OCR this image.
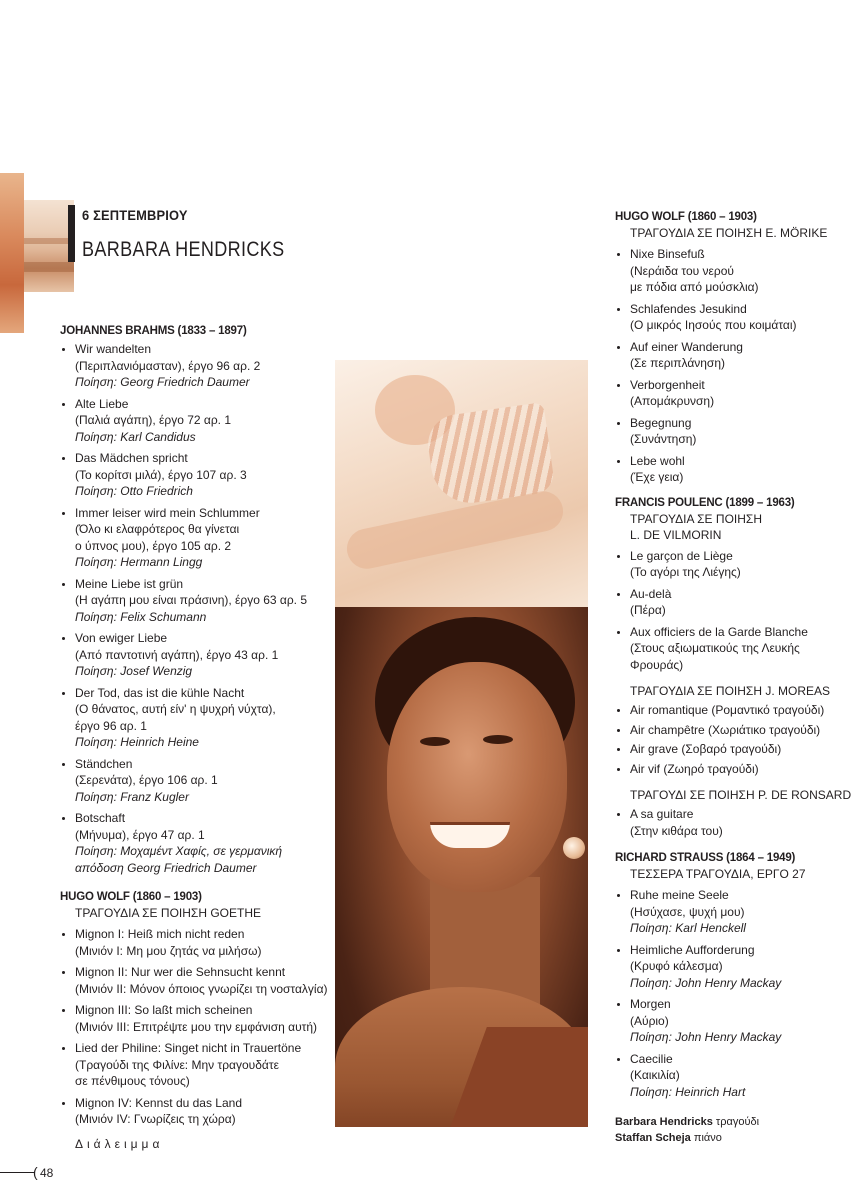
6 ΣΕΠΤΕΜΒΡΙΟΥ
BARBARA HENDRICKS
JOHANNES BRAHMS (1833 – 1897)
Wir wandelten
(Περιπλανιόμασταν), έργο 96 αρ. 2
Ποίηση: Georg Friedrich Daumer
Alte Liebe
(Παλιά αγάπη), έργο 72 αρ. 1
Ποίηση: Karl Candidus
Das Mädchen spricht
(Το κορίτσι μιλά), έργο 107 αρ. 3
Ποίηση: Otto Friedrich
Immer leiser wird mein Schlummer
(Όλο κι ελαφρότερος θα γίνεται
ο ύπνος μου), έργο 105 αρ. 2
Ποίηση: Hermann Lingg
Meine Liebe ist grün
(Η αγάπη μου είναι πράσινη), έργο 63 αρ. 5
Ποίηση: Felix Schumann
Von ewiger Liebe
(Από παντοτινή αγάπη), έργο 43 αρ. 1
Ποίηση: Josef Wenzig
Der Tod, das ist die kühle Nacht
(Ο θάνατος, αυτή είν' η ψυχρή νύχτα),
έργο 96 αρ. 1
Ποίηση: Heinrich Heine
Ständchen
(Σερενάτα), έργο 106 αρ. 1
Ποίηση: Franz Kugler
Botschaft
(Μήνυμα), έργο 47 αρ. 1
Ποίηση: Μοχαμέντ Χαφίς, σε γερμανική
απόδοση Georg Friedrich Daumer
HUGO WOLF (1860 – 1903)
ΤΡΑΓΟΥΔΙΑ ΣΕ ΠΟΙΗΣΗ GOETHE
Mignon I: Heiß mich nicht reden
(Μινιόν Ι: Μη μου ζητάς να μιλήσω)
Mignon II: Nur wer die Sehnsucht kennt
(Μινιόν ΙΙ: Μόνον όποιος γνωρίζει τη νοσταλγία)
Mignon III: So laßt mich scheinen
(Μινιόν ΙΙΙ: Επιτρέψτε μου την εμφάνιση αυτή)
Lied der Philine: Singet nicht in Trauertöne
(Τραγούδι της Φιλίνε: Μην τραγουδάτε
σε πένθιμους τόνους)
Mignon IV: Kennst du das Land
(Μινιόν IV: Γνωρίζεις τη χώρα)
Διάλειμμα
HUGO WOLF (1860 – 1903)
ΤΡΑΓΟΥΔΙΑ ΣΕ ΠΟΙΗΣΗ E. MÖRIKE
Nixe Binsefuß
(Νεράιδα του νερού
με πόδια από μούσκλια)
Schlafendes Jesukind
(Ο μικρός Ιησούς που κοιμάται)
Auf einer Wanderung
(Σε περιπλάνηση)
Verborgenheit
(Απομάκρυνση)
Begegnung
(Συνάντηση)
Lebe wohl
(Έχε γεια)
FRANCIS POULENC (1899 – 1963)
ΤΡΑΓΟΥΔΙΑ ΣΕ ΠΟΙΗΣΗ
L. DE VILMORIN
Le garçon de Liège
(Το αγόρι της Λιέγης)
Au-delà
(Πέρα)
Aux officiers de la Garde Blanche
(Στους αξιωματικούς της Λευκής
Φρουράς)
ΤΡΑΓΟΥΔΙΑ ΣΕ ΠΟΙΗΣΗ J. MOREAS
Air romantique (Ρομαντικό τραγούδι)
Air champêtre (Χωριάτικο τραγούδι)
Air grave (Σοβαρό τραγούδι)
Air vif (Ζωηρό τραγούδι)
ΤΡΑΓΟΥΔΙ ΣΕ ΠΟΙΗΣΗ P. DE RONSARD
A sa guitare
(Στην κιθάρα του)
RICHARD STRAUSS (1864 – 1949)
ΤΕΣΣΕΡΑ ΤΡΑΓΟΥΔΙΑ, ΕΡΓΟ 27
Ruhe meine Seele
(Ησύχασε, ψυχή μου)
Ποίηση: Karl Henckell
Heimliche Aufforderung
(Κρυφό κάλεσμα)
Ποίηση: John Henry Mackay
Morgen
(Αύριο)
Ποίηση: John Henry Mackay
Caecilie
(Καικιλία)
Ποίηση: Heinrich Hart
Barbara Hendricks τραγούδι
Staffan Scheja πιάνο
( 48
